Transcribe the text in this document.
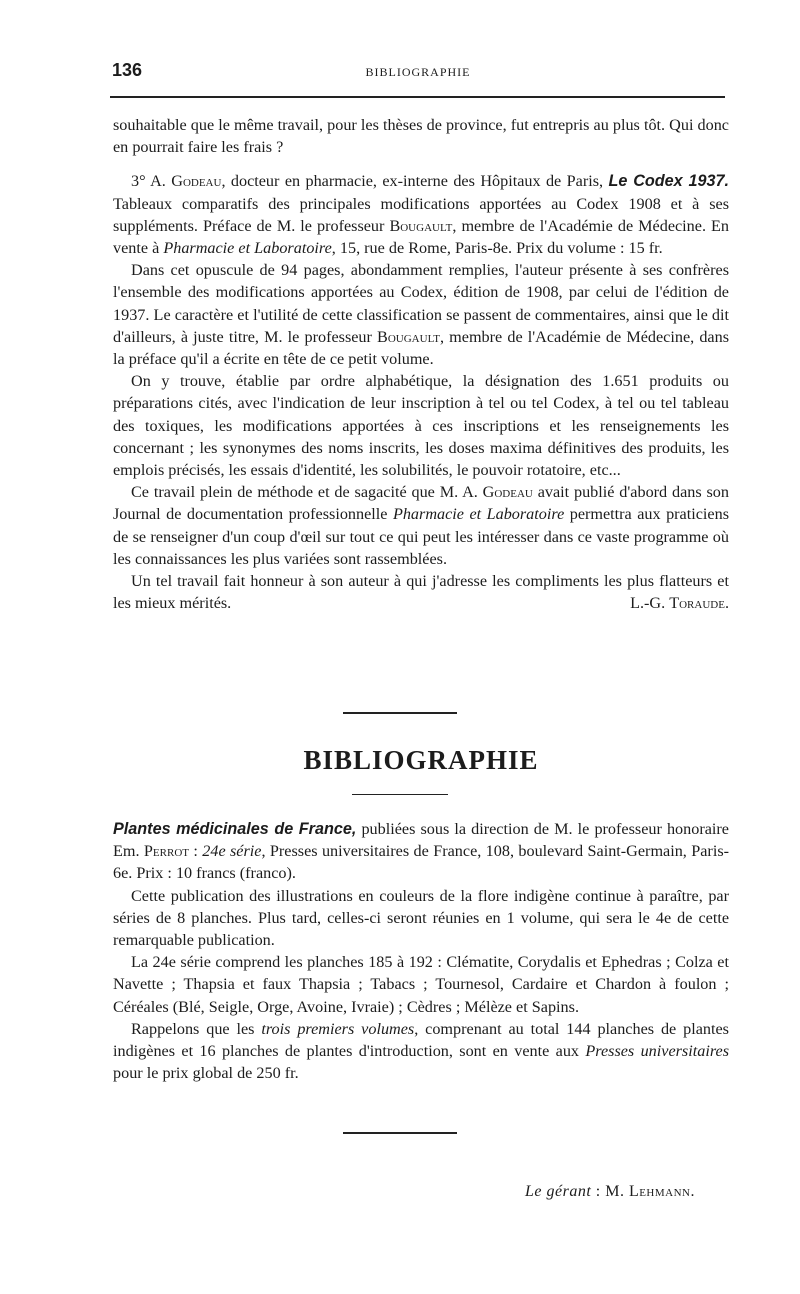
136	BIBLIOGRAPHIE

souhaitable que le même travail, pour les thèses de province, fut entrepris au plus tôt. Qui donc en pourrait faire les frais ?

3° A. Godeau, docteur en pharmacie, ex-interne des Hôpitaux de Paris, Le Codex 1937. Tableaux comparatifs des principales modifications apportées au Codex 1908 et à ses suppléments. Préface de M. le professeur Bougault, membre de l'Académie de Médecine. En vente à Pharmacie et Laboratoire, 15, rue de Rome, Paris-8e. Prix du volume : 15 fr.

Dans cet opuscule de 94 pages, abondamment remplies, l'auteur présente à ses confrères l'ensemble des modifications apportées au Codex, édition de 1908, par celui de l'édition de 1937. Le caractère et l'utilité de cette classification se passent de commentaires, ainsi que le dit d'ailleurs, à juste titre, M. le professeur Bougault, membre de l'Académie de Médecine, dans la préface qu'il a écrite en tête de ce petit volume.

On y trouve, établie par ordre alphabétique, la désignation des 1.651 produits ou préparations cités, avec l'indication de leur inscription à tel ou tel Codex, à tel ou tel tableau des toxiques, les modifications apportées à ces inscriptions et les renseignements les concernant ; les synonymes des noms inscrits, les doses maxima définitives des produits, les emplois précisés, les essais d'identité, les solubilités, le pouvoir rotatoire, etc...

Ce travail plein de méthode et de sagacité que M. A. Godeau avait publié d'abord dans son Journal de documentation professionnelle Pharmacie et Laboratoire permettra aux praticiens de se renseigner d'un coup d'œil sur tout ce qui peut les intéresser dans ce vaste programme où les connaissances les plus variées sont rassemblées.

Un tel travail fait honneur à son auteur à qui j'adresse les compliments les plus flatteurs et les mieux mérités.	L.-G. Toraude.

BIBLIOGRAPHIE

Plantes médicinales de France, publiées sous la direction de M. le professeur honoraire Em. Perrot : 24e série, Presses universitaires de France, 108, boulevard Saint-Germain, Paris-6e. Prix : 10 francs (franco).

Cette publication des illustrations en couleurs de la flore indigène continue à paraître, par séries de 8 planches. Plus tard, celles-ci seront réunies en 1 volume, qui sera le 4e de cette remarquable publication.

La 24e série comprend les planches 185 à 192 : Clématite, Corydalis et Ephedras ; Colza et Navette ; Thapsia et faux Thapsia ; Tabacs ; Tournesol, Cardaire et Chardon à foulon ; Céréales (Blé, Seigle, Orge, Avoine, Ivraie) ; Cèdres ; Mélèze et Sapins.

Rappelons que les trois premiers volumes, comprenant au total 144 planches de plantes indigènes et 16 planches de plantes d'introduction, sont en vente aux Presses universitaires pour le prix global de 250 fr.

Le gérant : M. Lehmann.
